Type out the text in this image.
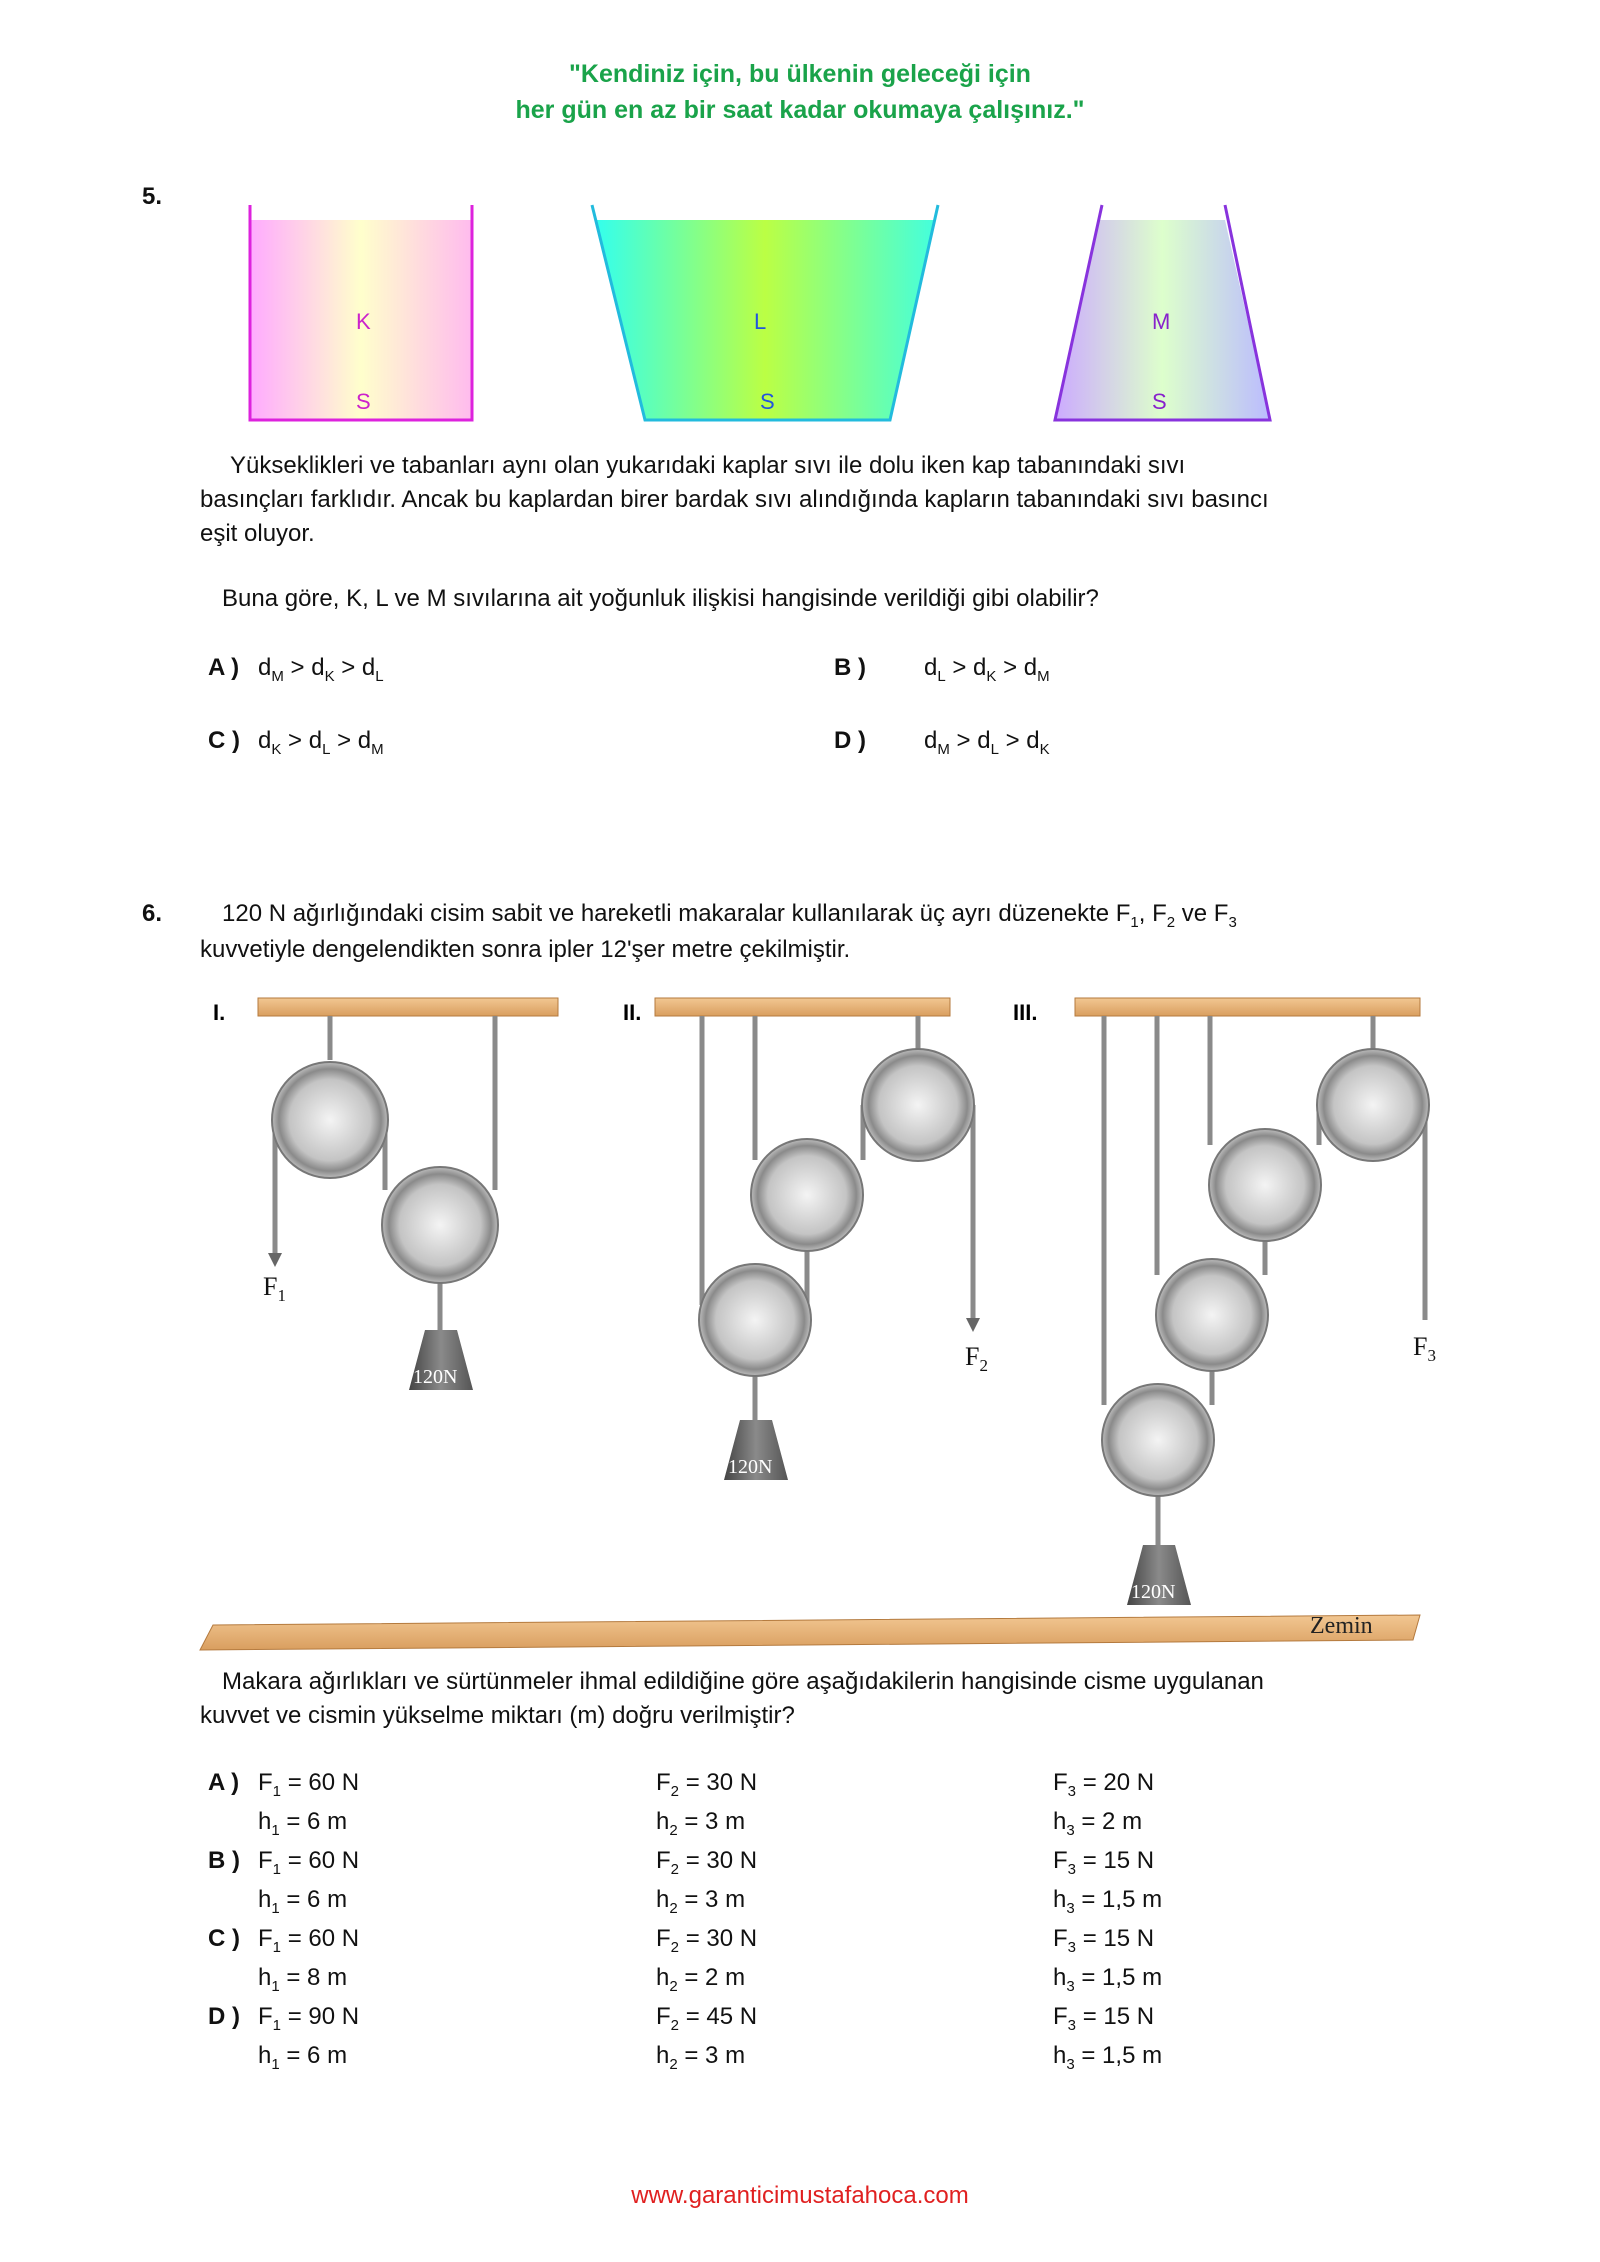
"Kendiniz için, bu ülkenin geleceği için
her gün en az bir saat kadar okumaya çalışınız."
5.
K
S
L
S
M
S
Yükseklikleri ve tabanları aynı olan yukarıdaki kaplar sıvı ile dolu iken kap tabanındaki sıvı
basınçları farklıdır. Ancak bu kaplardan birer bardak sıvı alındığında kapların tabanındaki sıvı basıncı
eşit oluyor.
Buna göre, K, L ve M sıvılarına ait yoğunluk ilişkisi hangisinde verildiği gibi olabilir?
A ) $d_M > d_K > d_L$	B ) $d_L > d_K > d_M$
C ) $d_K > d_L > d_M$	D ) $d_M > d_L > d_K$
6. 120 N ağırlığındaki cisim sabit ve hareketli makaralar kullanılarak üç ayrı düzenekte $F_1$, $F_2$ ve $F_3$
kuvvetiyle dengelendikten sonra ipler 12'şer metre çekilmiştir.
I.	II.	III.
120N
120N
120N
$F_1$
$F_2$
$F_3$
Zemin
Makara ağırlıkları ve sürtünmeler ihmal edildiğine göre aşağıdakilerin hangisinde cisme uygulanan
kuvvet ve cismin yükselme miktarı (m) doğru verilmiştir?
A ) $F_1 = 60$ N	$F_2 = 30$ N	$F_3 = 20$ N
$h_1 = 6$ m	$h_2 = 3$ m	$h_3 = 2$ m
B ) $F_1 = 60$ N	$F_2 = 30$ N	$F_3 = 15$ N
$h_1 = 6$ m	$h_2 = 3$ m	$h_3 = 1,5$ m
C ) $F_1 = 60$ N	$F_2 = 30$ N	$F_3 = 15$ N
$h_1 = 8$ m	$h_2 = 2$ m	$h_3 = 1,5$ m
D ) $F_1 = 90$ N	$F_2 = 45$ N	$F_3 = 15$ N
$h_1 = 6$ m	$h_2 = 3$ m	$h_3 = 1,5$ m
www.garanticimustafahoca.com
